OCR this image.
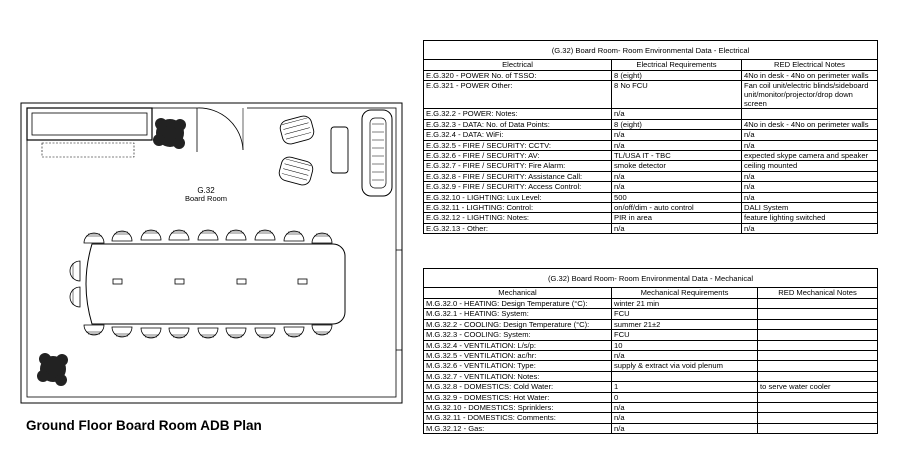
G.32
Board Room
Ground Floor Board Room ADB Plan
(G.32) Board Room- Room Environmental Data - Electrical		
Electrical	Electrical Requirements	RED Electrical Notes
E.G.320 - POWER No. of TSSO:	8 (eight)	4No in desk - 4No on perimeter walls
E.G.321 - POWER Other:	8 No FCU	Fan coil unit/electric blinds/sideboard unit/monitor/projector/drop down screen
E.G.32.2 - POWER: Notes:	n/a	
E.G.32.3 - DATA: No. of Data Points:	8 (eight)	4No in desk - 4No on perimeter walls
E.G.32.4 - DATA: WiFi:	n/a	n/a
E.G.32.5 - FIRE / SECURITY: CCTV:	n/a	n/a
E.G.32.6 - FIRE / SECURITY: AV:	TL/USA IT - TBC	expected skype camera and speaker
E.G.32.7 - FIRE / SECURITY: Fire Alarm:	smoke detector	ceiling mounted
E.G.32.8 - FIRE / SECURITY: Assistance Call:	n/a	n/a
E.G.32.9 - FIRE / SECURITY: Access Control:	n/a	n/a
E.G.32.10 - LIGHTING: Lux Level:	500	n/a
E.G.32.11 - LIGHTING: Control:	on/off/dim - auto control	DALI System
E.G.32.12 - LIGHTING: Notes:	PIR in area	feature lighting switched
E.G.32.13 - Other:	n/a	n/a
(G.32) Board Room- Room Environmental Data - Mechanical		
Mechanical	Mechanical Requirements	RED Mechanical Notes
M.G.32.0 - HEATING: Design Temperature (°C):	winter 21 min	
M.G.32.1 - HEATING: System:	FCU	
M.G.32.2 - COOLING: Design Temperature (°C):	summer 21±2	
M.G.32.3 - COOLING: System:	FCU	
M.G.32.4 - VENTILATION: L/s/p:	10	
M.G.32.5 - VENTILATION: ac/hr:	n/a	
M.G.32.6 - VENTILATION: Type:	supply & extract via void plenum	
M.G.32.7 - VENTILATION: Notes:		
M.G.32.8 - DOMESTICS: Cold Water:	1	to serve water cooler
M.G.32.9 - DOMESTICS: Hot Water:	0	
M.G.32.10 - DOMESTICS: Sprinklers:	n/a	
M.G.32.11 - DOMESTICS: Comments:	n/a	
M.G.32.12 - Gas:	n/a	
